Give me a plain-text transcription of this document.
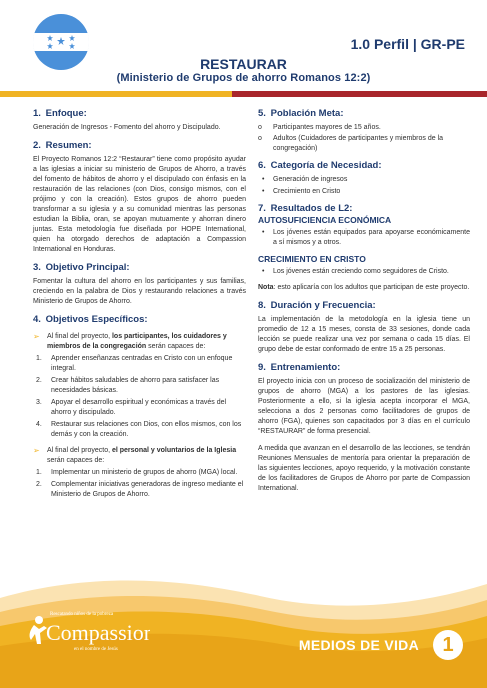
1.0 Perfil | GR-PE
RESTAURAR
(Ministerio de Grupos de ahorro Romanos 12:2)
1. Enfoque:
Generación de Ingresos - Fomento del ahorro y Discipulado.
2. Resumen:
El Proyecto Romanos 12:2 “Restaurar” tiene como propósito ayudar a las iglesias a iniciar su ministerio de Grupos de Ahorro, a través del fomento de hábitos de ahorro y el discipulado con énfasis en la restauración de las relaciones (con Dios, consigo mismos, con el prójimo y con la creación). Estos grupos de ahorro pueden transformar a su iglesia y a su comunidad mientras las personas estudian la Biblia, oran, se apoyan mutuamente y ahorran dinero juntas. Esta metodología fue diseñada por HOPE International, quien ha otorgado derechos de adaptación a Compassion International en Honduras.
3. Objetivo Principal:
Fomentar la cultura del ahorro en los participantes y sus familias, creciendo en la palabra de Dios y restaurando relaciones a través Ministerio de Grupos de Ahorro.
4. Objetivos Específicos:
➢ Al final del proyecto, los participantes, los cuidadores y miembros de la congregación serán capaces de:
1. Aprender enseñanzas centradas en Cristo con un enfoque integral.
2. Crear hábitos saludables de ahorro para satisfacer las necesidades básicas.
3. Apoyar el desarrollo espiritual y económicas a través del ahorro y discipulado.
4. Restaurar sus relaciones con Dios, con ellos mismos, con los demás y con la creación.
➢ Al final del proyecto, el personal y voluntarios de la Iglesia serán capaces de:
1. Implementar un ministerio de grupos de ahorro (MGA) local.
2. Complementar iniciativas generadoras de ingreso mediante el Ministerio de Grupos de Ahorro.
5. Población Meta:
o Participantes mayores de 15 años.
o Adultos (Cuidadores de participantes y miembros de la congregación)
6. Categoría de Necesidad:
• Generación de ingresos
• Crecimiento en Cristo
7. Resultados de L2:
AUTOSUFICIENCIA ECONÓMICA
• Los jóvenes están equipados para apoyarse económicamente a sí mismos y a otros.
CRECIMIENTO EN CRISTO
• Los jóvenes están creciendo como seguidores de Cristo.
Nota: esto aplicaría con los adultos que participan de este proyecto.
8. Duración y Frecuencia:
La implementación de la metodología en la iglesia tiene un promedio de 12 a 15 meses, consta de 33 sesiones, donde cada lección se puede realizar una vez por semana o cada 15 días. El grupo debe de estar conformado de entre 15 a 25 personas.
9. Entrenamiento:
El proyecto inicia con un proceso de socialización del ministerio de grupos de ahorro (MGA) a los pastores de las iglesias. Posteriormente a ello, si la iglesia acepta incorporar el MGA, selecciona a dos 2 personas como facilitadores de grupos de ahorro (FGA), quienes son capacitados por 3 días en el currículo “RESTAURAR” de forma presencial.
A medida que avanzan en el desarrollo de las lecciones, se tendrán Reuniones Mensuales de mentoría para orientar la preparación de las siguientes lecciones, apoyo requerido, y la motivación constante de los facilitadores de Grupos de Ahorro por parte de Compassion International.
Rescatando niños de la pobreza
Compassion
en el nombre de Jesús	MEDIOS DE VIDA	1
